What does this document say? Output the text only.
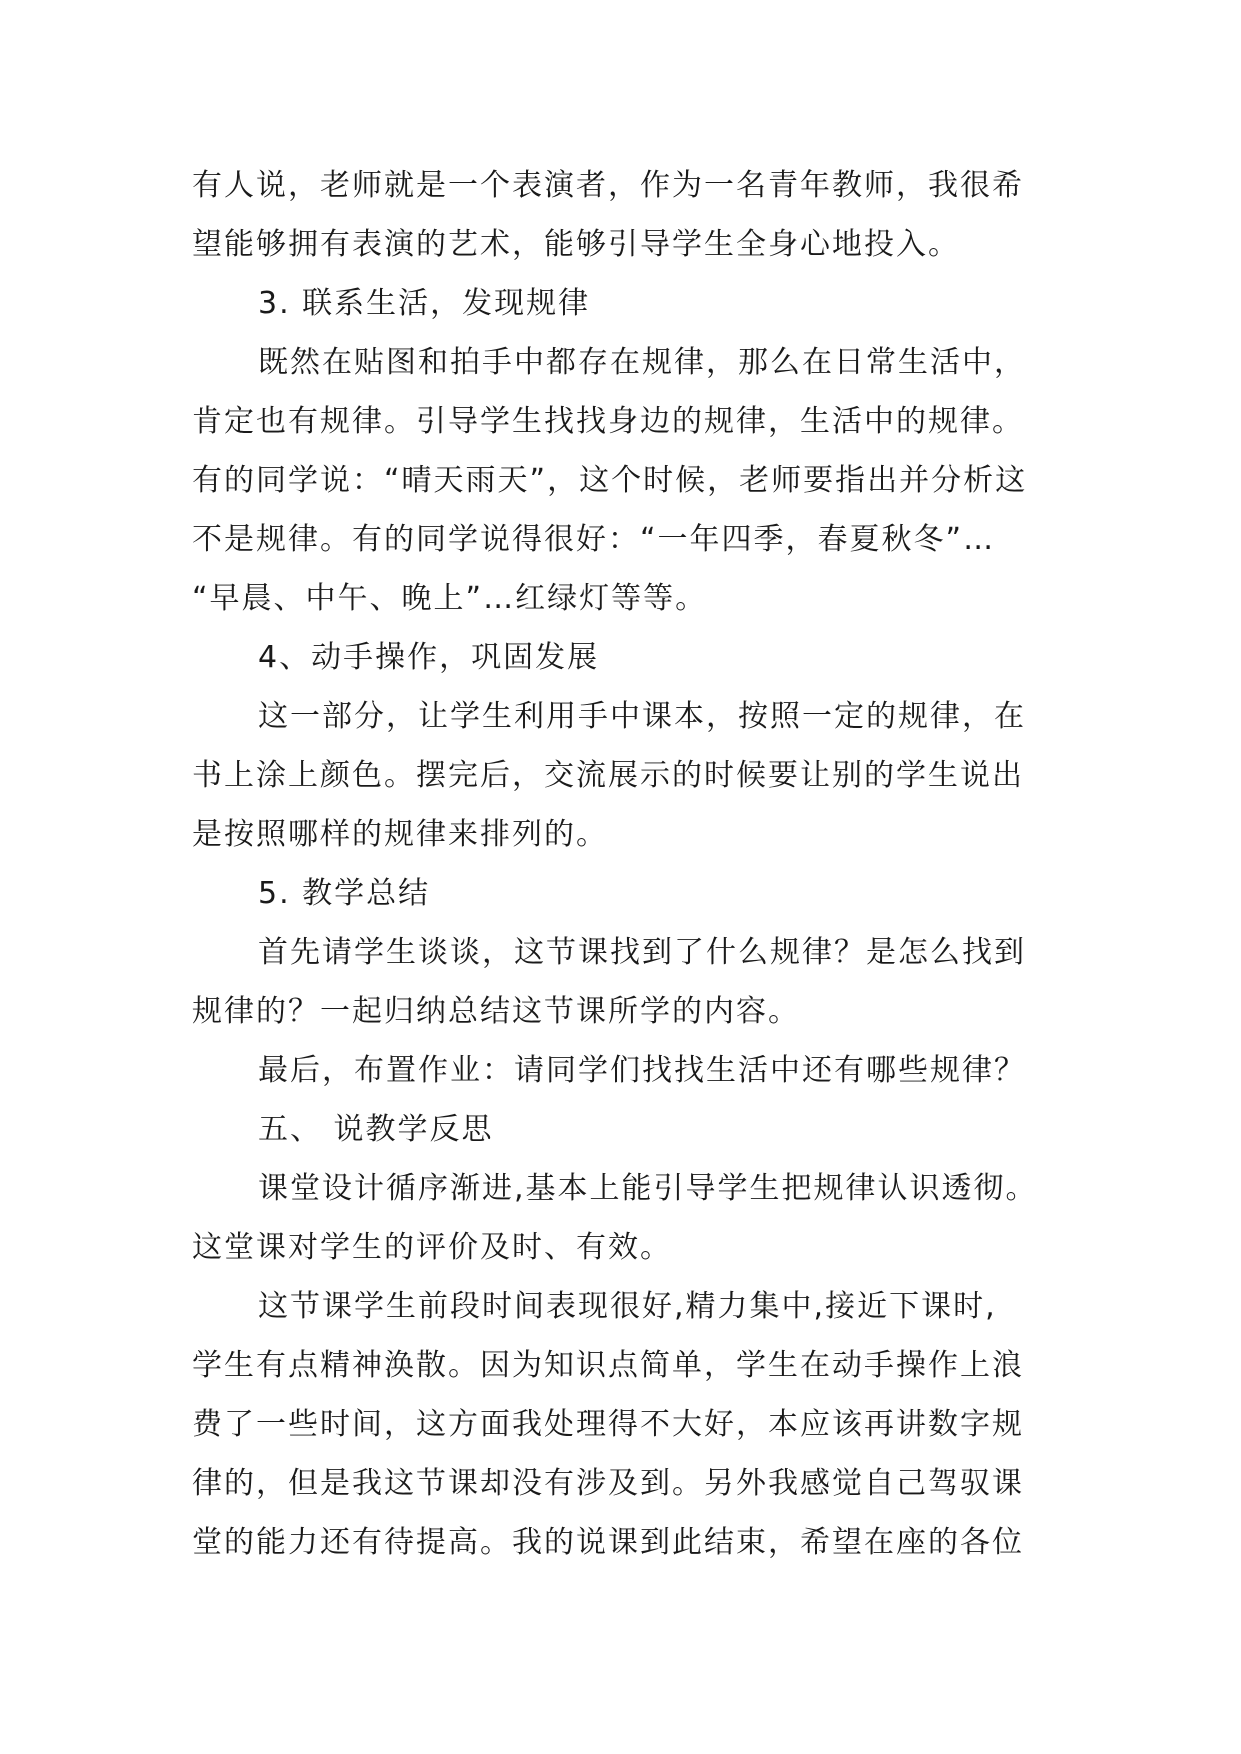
有人说，老师就是一个表演者，作为一名青年教师，我很希
望能够拥有表演的艺术，能够引导学生全身心地投入。
3. 联系生活，发现规律
既然在贴图和拍手中都存在规律，那么在日常生活中，
肯定也有规律。引导学生找找身边的规律，生活中的规律。
有的同学说：“晴天雨天”，这个时候，老师要指出并分析这
不是规律。有的同学说得很好：“一年四季，春夏秋冬”…
“早晨、中午、晚上”…红绿灯等等。
4、动手操作，巩固发展
这一部分，让学生利用手中课本，按照一定的规律，在
书上涂上颜色。摆完后，交流展示的时候要让别的学生说出
是按照哪样的规律来排列的。
5. 教学总结
首先请学生谈谈，这节课找到了什么规律？是怎么找到
规律的？一起归纳总结这节课所学的内容。
最后，布置作业：请同学们找找生活中还有哪些规律？
五、 说教学反思
课堂设计循序渐进,基本上能引导学生把规律认识透彻。
这堂课对学生的评价及时、有效。
这节课学生前段时间表现很好,精力集中,接近下课时,
学生有点精神涣散。因为知识点简单，学生在动手操作上浪
费了一些时间，这方面我处理得不大好，本应该再讲数字规
律的，但是我这节课却没有涉及到。另外我感觉自己驾驭课
堂的能力还有待提高。我的说课到此结束，希望在座的各位
